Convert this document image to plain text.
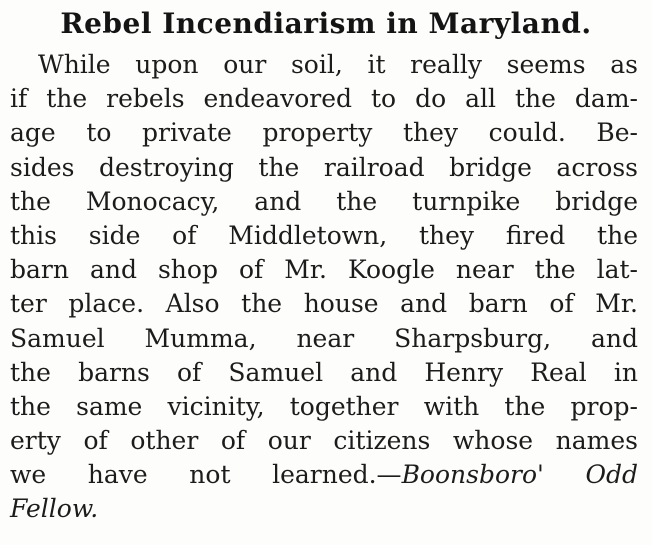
Rebel Incendiarism in Maryland.
While upon our soil, it really seems as
if the rebels endeavored to do all the dam-
age to private property they could. Be-
sides destroying the railroad bridge across
the Monocacy, and the turnpike bridge
this side of Middletown, they fired the
barn and shop of Mr. Koogle near the lat-
ter place. Also the house and barn of Mr.
Samuel Mumma, near Sharpsburg, and
the barns of Samuel and Henry Real in
the same vicinity, together with the prop-
erty of other of our citizens whose names
we have not learned.—Boonsboro' Odd
Fellow.
